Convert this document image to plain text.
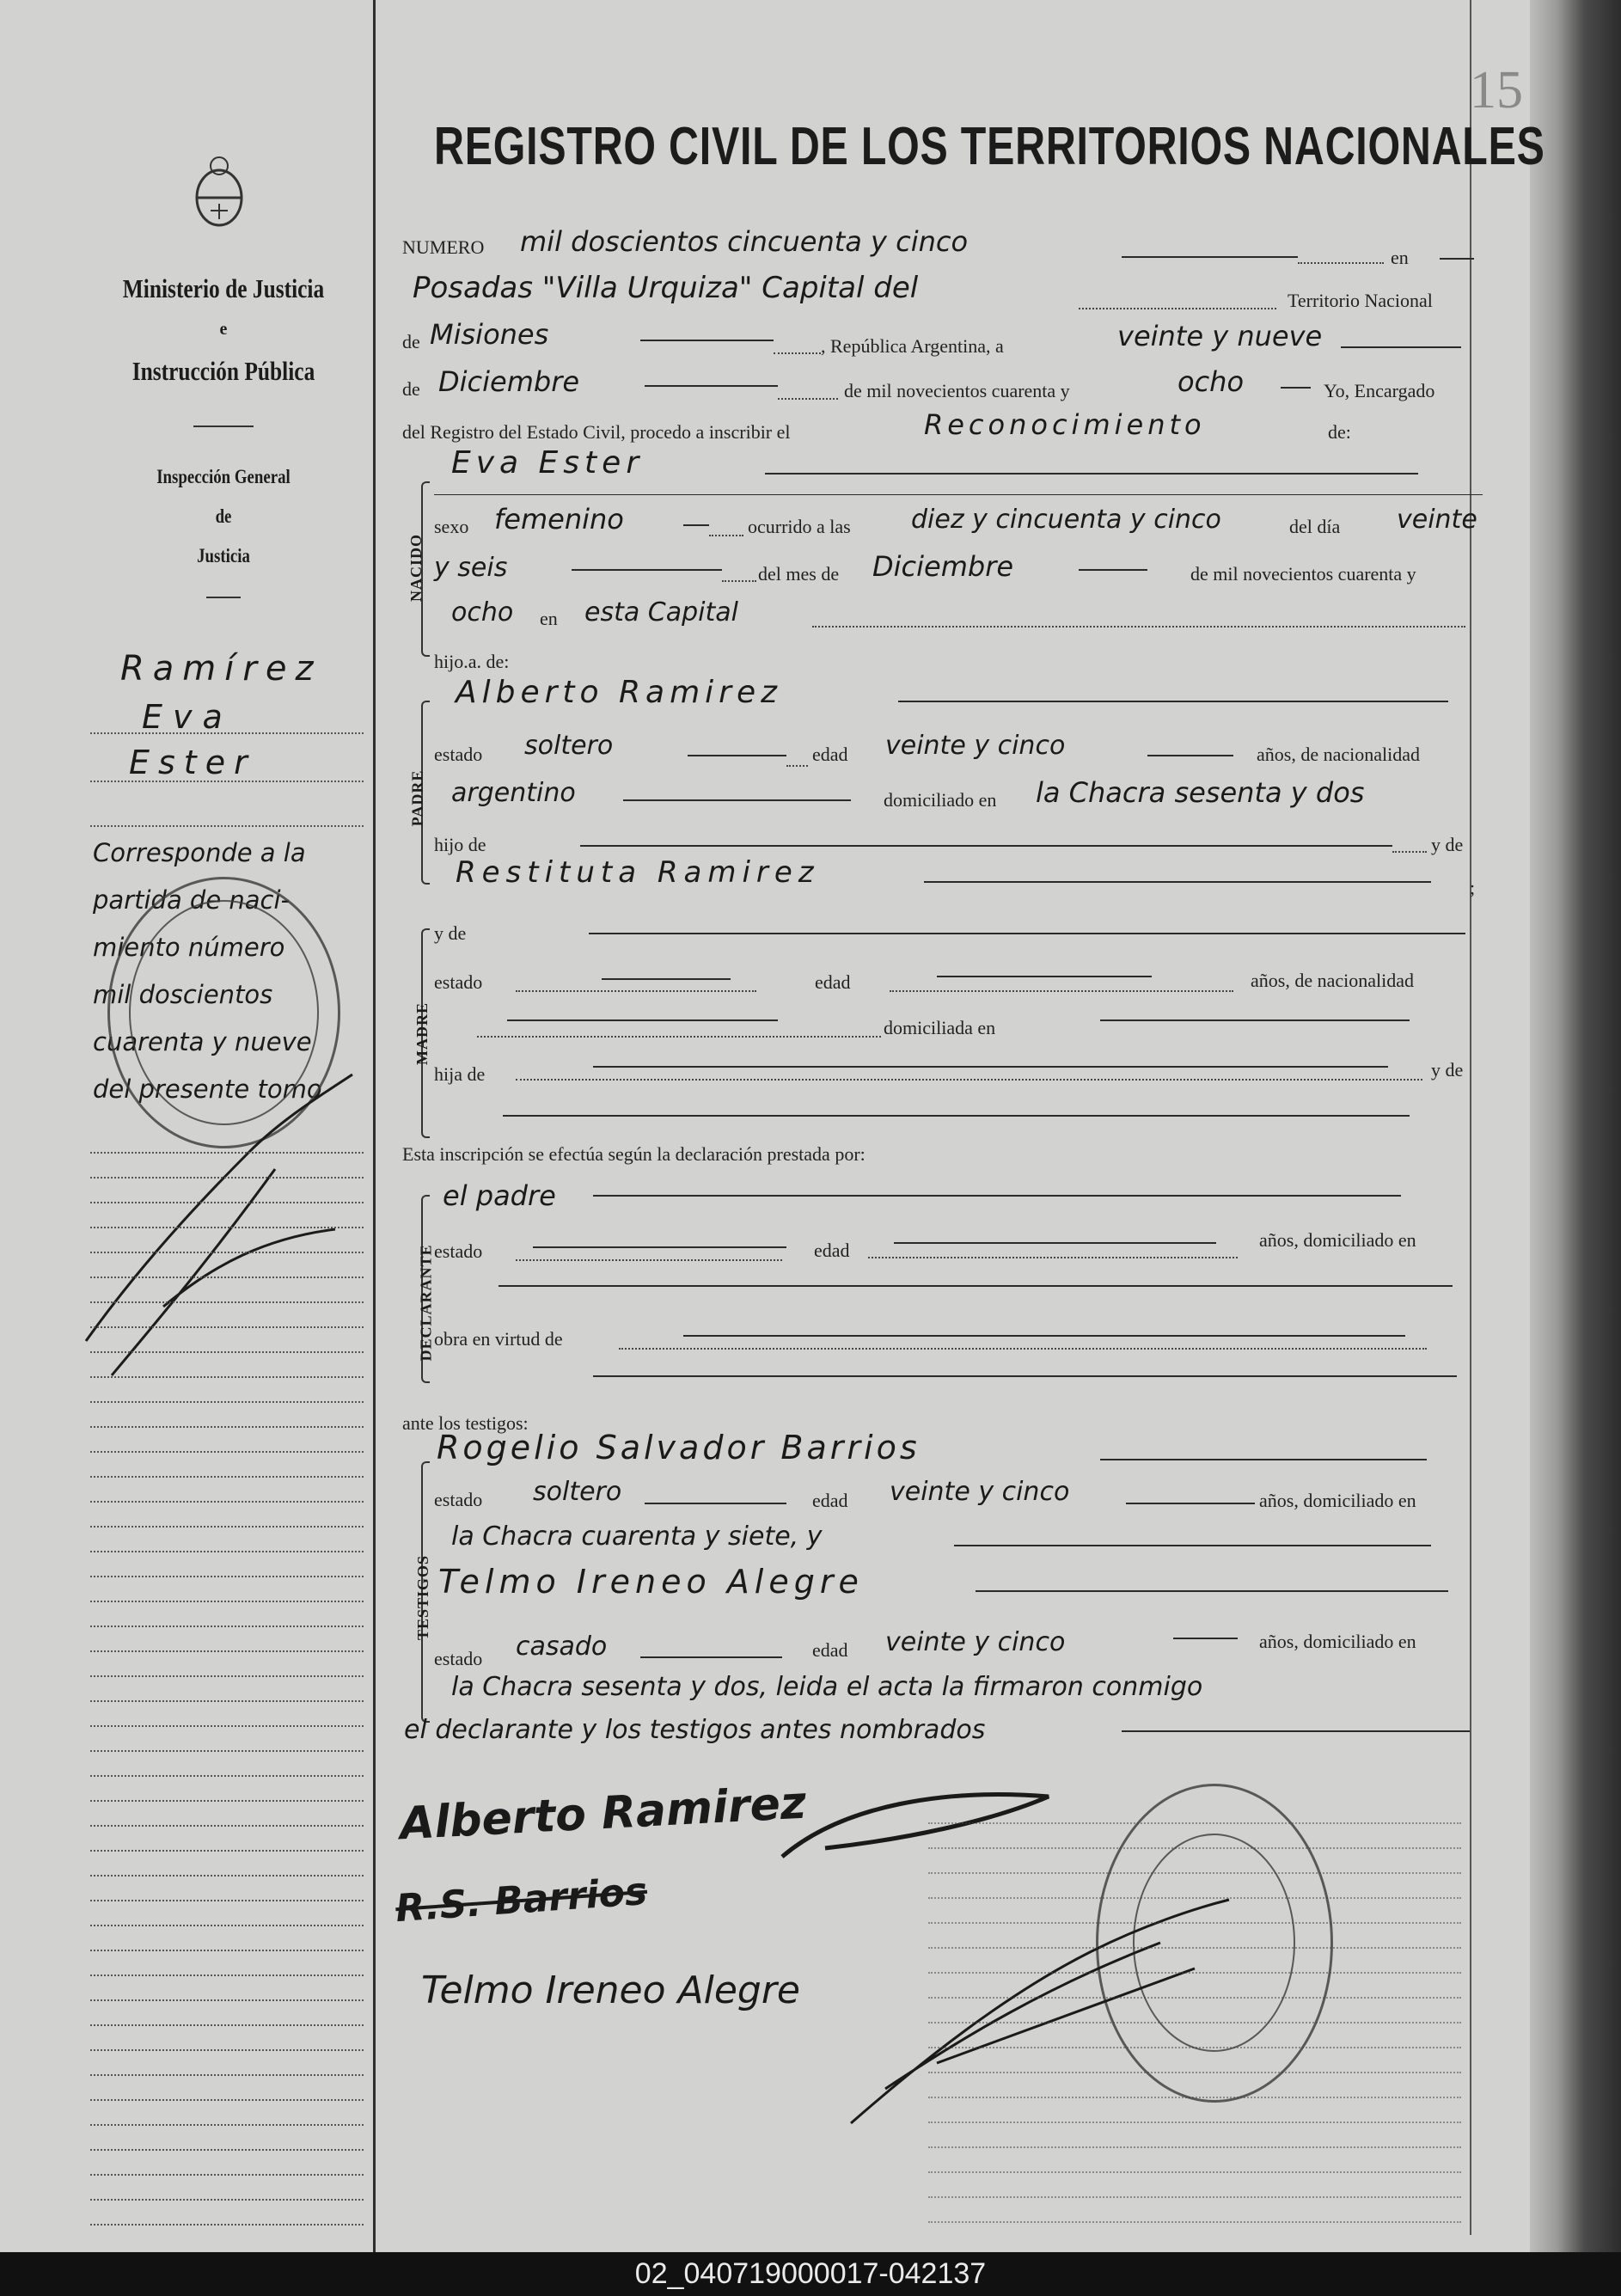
15
Ministerio de Justicia
e
Instrucción Pública
Inspección General
de
Justicia
Ramírez
Eva
Ester
Corresponde a la
partida de naci-
miento número
mil doscientos
cuarenta y nueve
del presente tomo
REGISTRO CIVIL DE LOS TERRITORIOS NACIONALES
NUMERO mil doscientos cincuenta y cinco	en
Posadas "Villa Urquiza" Capital del	Territorio Nacional
de Misiones	, República Argentina, a	veinte y nueve
de Diciembre	de mil novecientos cuarenta y	ocho	Yo, Encargado
del Registro del Estado Civil, procedo a inscribir el	Reconocimiento	de:
NACIDO
Eva Ester
sexo femenino	ocurrido a las diez y cincuenta y cinco	del día veinte
y seis	del mes de Diciembre	de mil novecientos cuarenta y
ocho en esta Capital
hijo.a. de:
PADRE
Alberto Ramirez
estado soltero	edad veinte y cinco	años, de nacionalidad
argentino	domiciliado en la Chacra sesenta y dos
hijo de	y de
Restituta Ramirez	;
MADRE
y de
estado	edad	años, de nacionalidad
domiciliada en
hija de	y de
Esta inscripción se efectúa según la declaración prestada por:
DECLARANTE
el padre
estado	edad	años, domiciliado en
obra en virtud de
ante los testigos:
TESTIGOS
Rogelio Salvador Barrios
estado soltero	edad veinte y cinco	años, domiciliado en
la Chacra cuarenta y siete, y
Telmo Ireneo Alegre
estado casado	edad veinte y cinco	años, domiciliado en
la Chacra sesenta y dos, leida el acta la firmaron conmigo
el declarante y los testigos antes nombrados
Alberto Ramirez
R.S. Barrios
Telmo Ireneo Alegre
02_040719000017-042137
